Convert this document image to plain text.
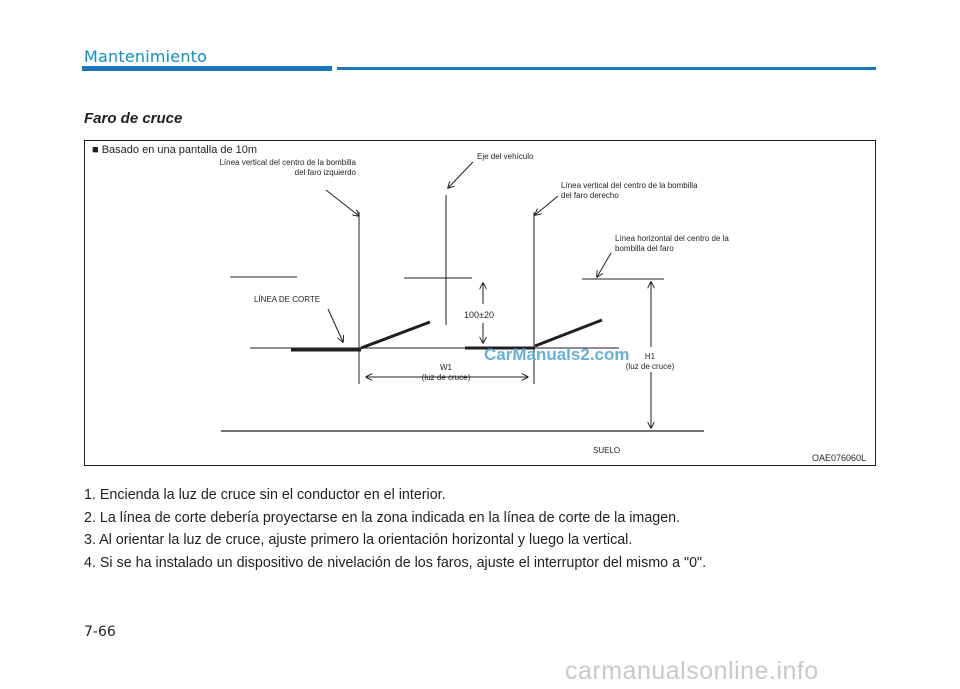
Mantenimiento
Faro de cruce
■ Basado en una pantalla de 10m
Línea vertical del centro de la bombilla
del faro izquierdo
Eje del vehículo
Línea vertical del centro de la bombilla
del faro derecho
Línea horizontal del centro de la
bombilla del faro
LÍNEA DE CORTE
100±20
W1
(luz de cruce)
H1
(luz de cruce)
SUELO
OAE076060L
CarManuals2.com
1. Encienda la luz de cruce sin el conductor en el interior.
2. La línea de corte debería proyectarse en la zona indicada en la línea de corte de la imagen.
3. Al orientar la luz de cruce, ajuste primero la orientación horizontal y luego la vertical.
4. Si se ha instalado un dispositivo de nivelación de los faros, ajuste el interruptor del mismo a "0".
7-66
carmanualsonline.info
